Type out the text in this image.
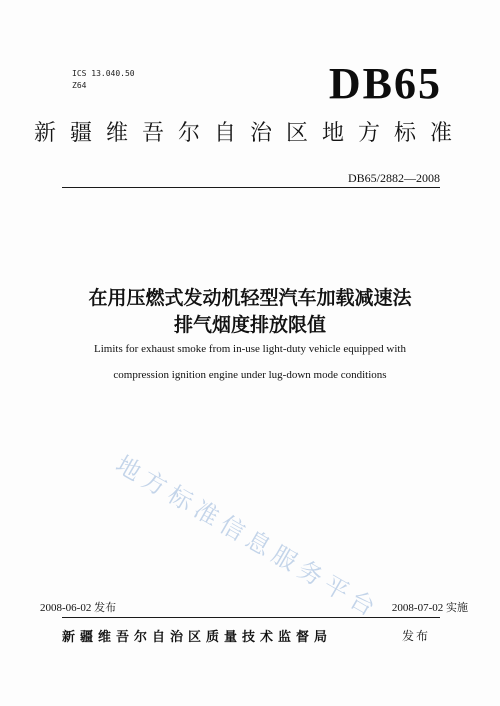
ICS 13.040.50
Z64	DB65
新疆维吾尔自治区地方标准
DB65/2882—2008
在用压燃式发动机轻型汽车加载减速法
排气烟度排放限值
Limits for exhaust smoke from in-use light-duty vehicle equipped with
compression ignition engine under lug-down mode conditions
地方标准信息服务平台
2008-06-02 发布	2008-07-02 实施
新疆维吾尔自治区质量技术监督局	发布
